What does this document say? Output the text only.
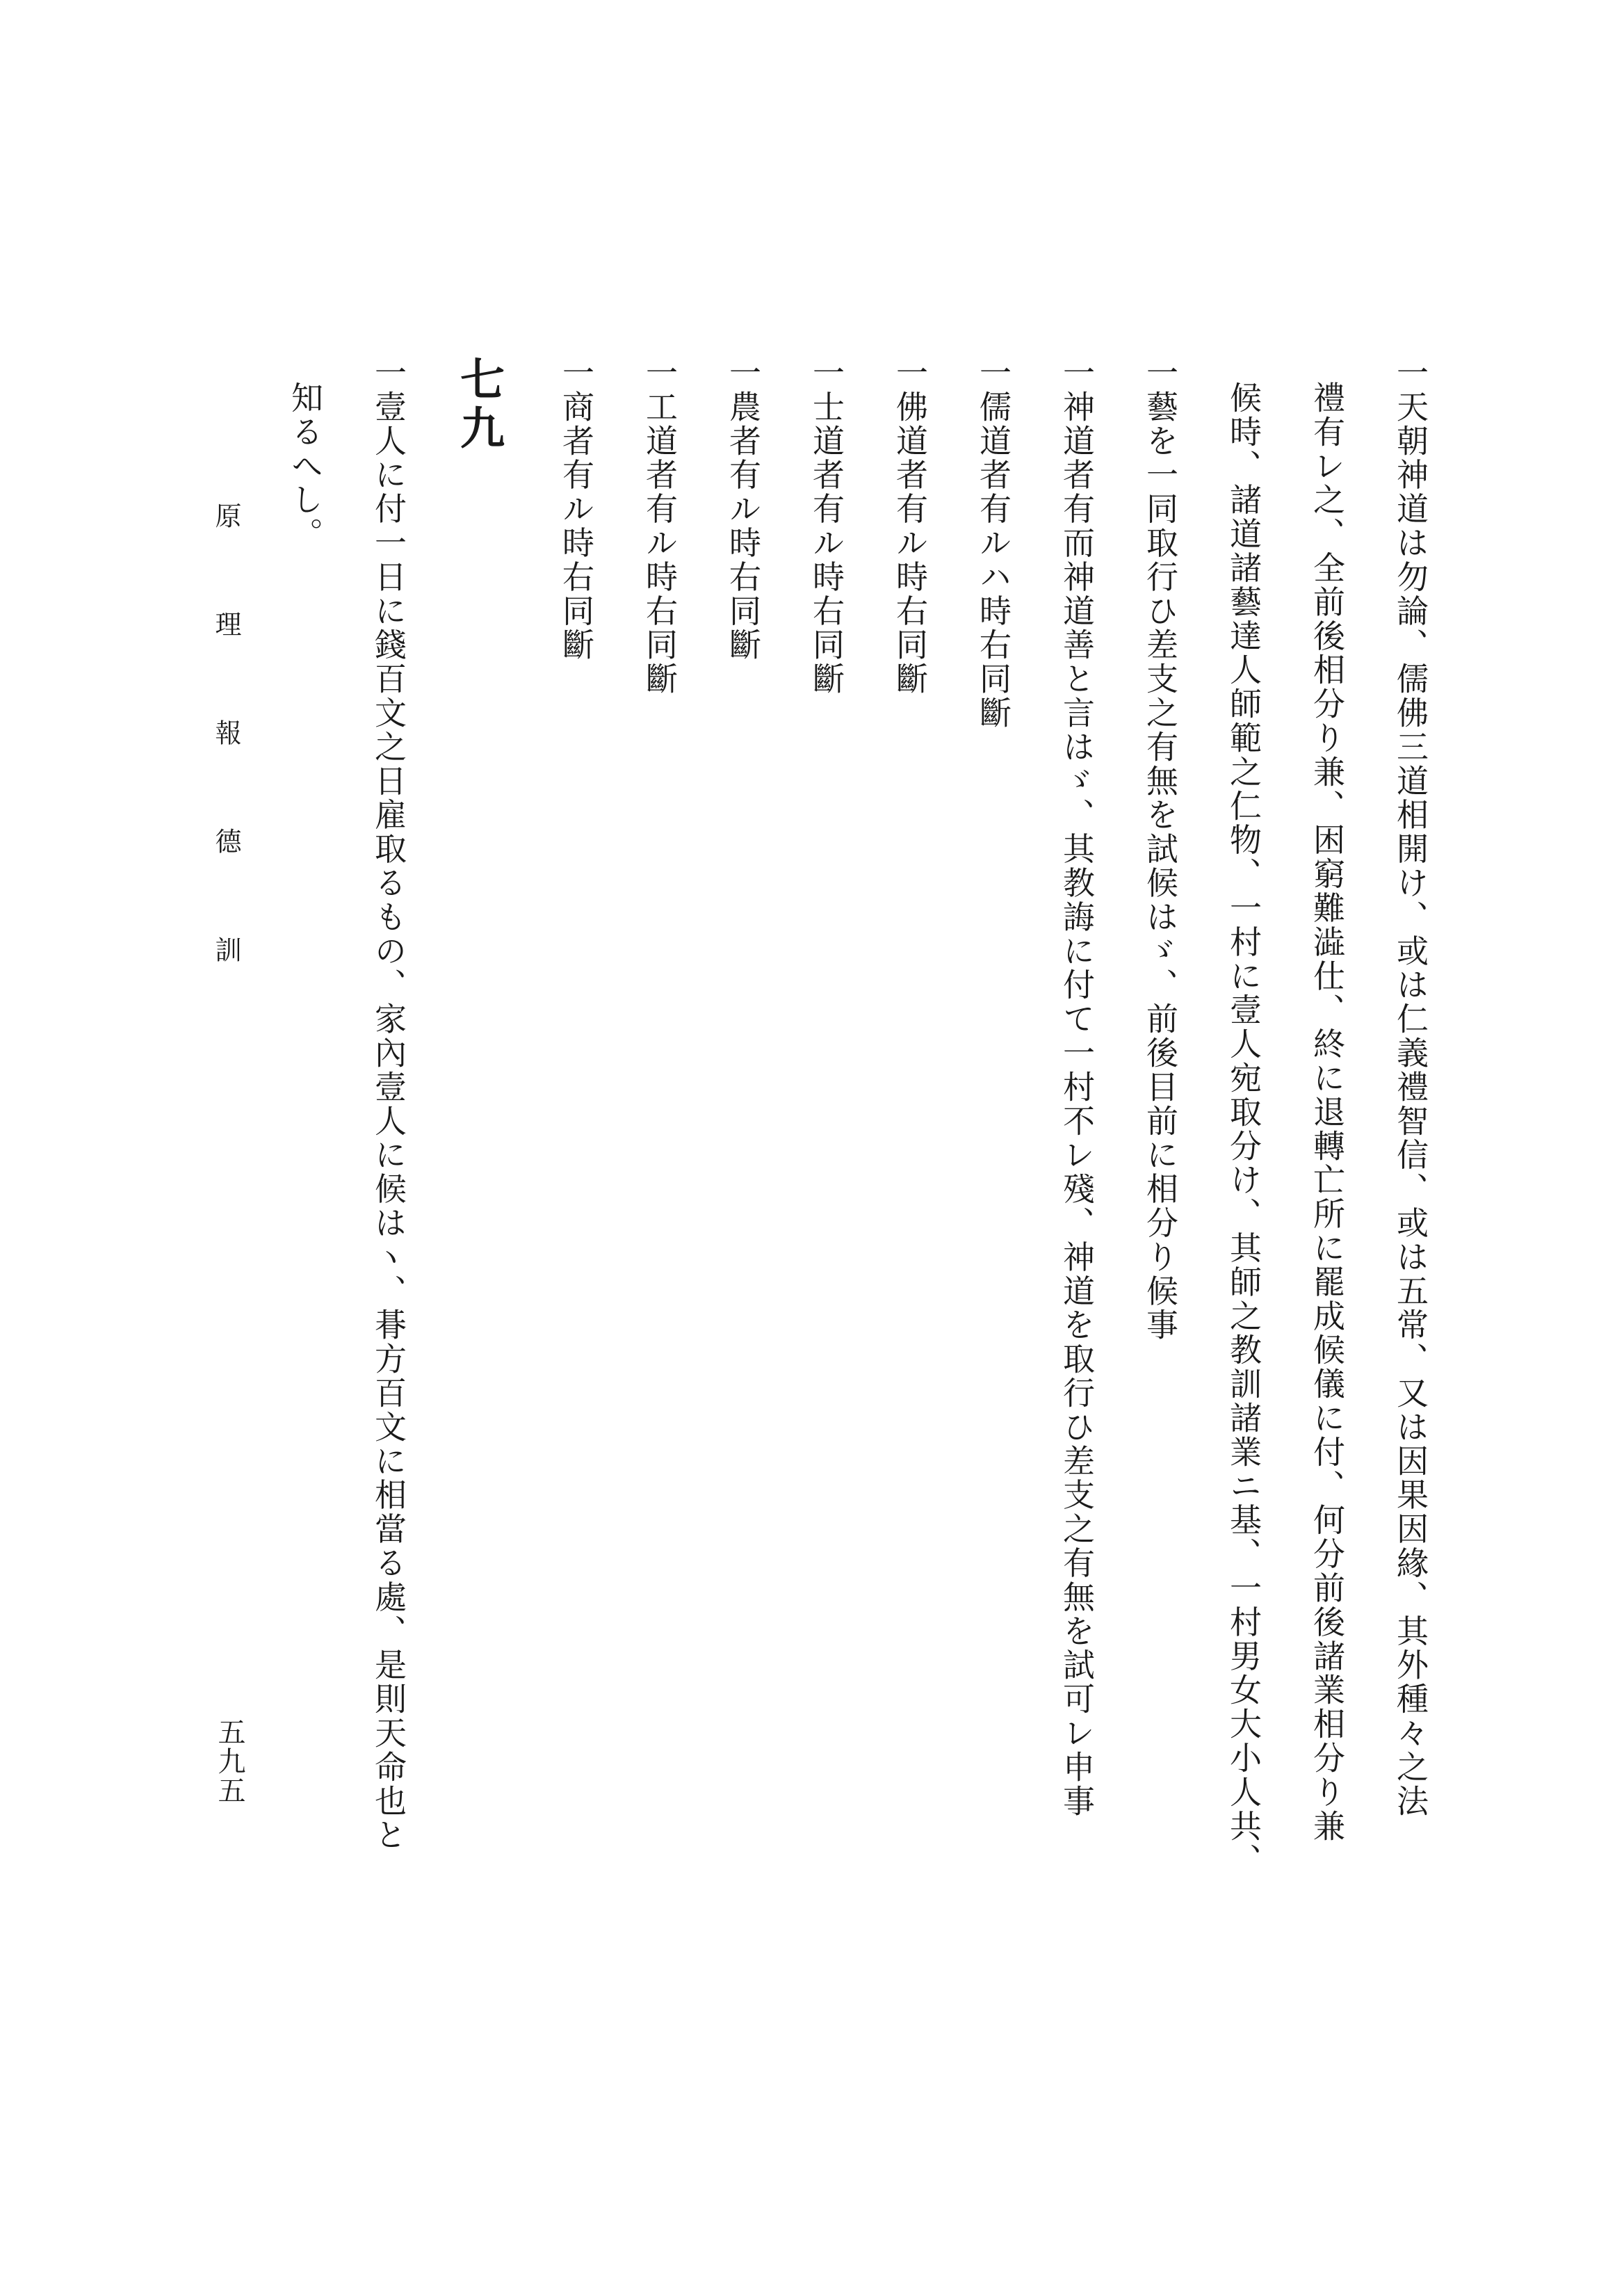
一天朝神道は勿論、儒佛三道相開け、或は仁義禮智信、或は五常、又は因果因緣、其外種々之法
禮有レ之、全前後相分り兼、困窮難澁仕、終に退轉亡所に罷成候儀に付、何分前後諸業相分り兼
候時、諸道諸藝達人師範之仁物、一村に壹人宛取分け、其師之教訓諸業ニ基、一村男女大小人共、
一藝を一同取行ひ差支之有無を試候はゞ、前後目前に相分り候事
一神道者有而神道善と言はゞ、其教誨に付て一村不レ殘、神道を取行ひ差支之有無を試可レ申事
一儒道者有ルハ時右同斷
一佛道者有ル時右同斷
一士道者有ル時右同斷
一農者有ル時右同斷
一工道者有ル時右同斷
一商者有ル時右同斷
七九
一壹人に付一日に錢百文之日雇取るもの、家內壹人に候はヽ、朞方百文に相當る處、是則天命也と
知るへし。
原　理　報　德　訓
五九五
